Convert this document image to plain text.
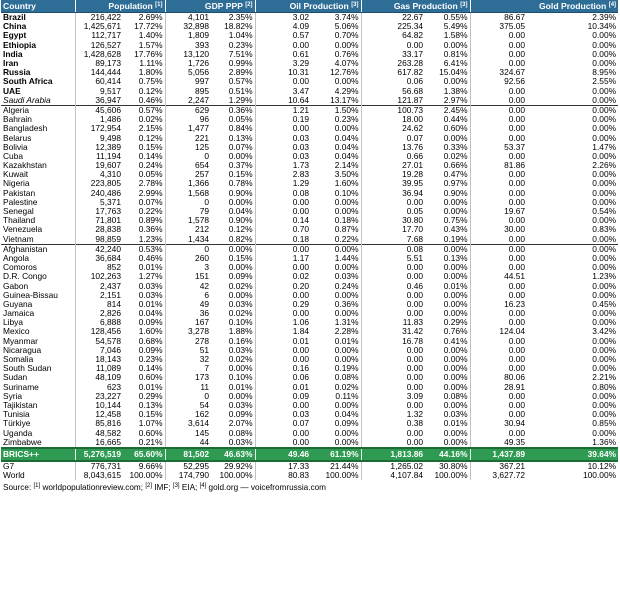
Country	Population [1]		GDP PPP [2]		Oil Production [3]		Gas Production [3]		Gold Production [4]
Brazil	216,422	2.69%	4,101	2.35%	3.02	3.74%	22.67	0.55%	86.67	2.39%
China	1,425,671	17.72%	32,898	18.82%	4.09	5.06%	225.34	5.49%	375.05	10.34%
Egypt	112,717	1.40%	1,809	1.04%	0.57	0.70%	64.82	1.58%	0.00	0.00%
Ethiopia	126,527	1.57%	393	0.23%	0.00	0.00%	0.00	0.00%	0.00	0.00%
India	1,428,628	17.76%	13,120	7.51%	0.61	0.76%	33.17	0.81%	0.00	0.00%
Iran	89,173	1.11%	1,726	0.99%	3.29	4.07%	263.28	6.41%	0.00	0.00%
Russia	144,444	1.80%	5,056	2.89%	10.31	12.76%	617.82	15.04%	324.67	8.95%
South Africa	60,414	0.75%	997	0.57%	0.00	0.00%	0.06	0.00%	92.56	2.55%
UAE	9,517	0.12%	895	0.51%	3.47	4.29%	56.68	1.38%	0.00	0.00%
Saudi Arabia	36,947	0.46%	2,247	1.29%	10.64	13.17%	121.87	2.97%	0.00	0.00%
Algeria	45,606	0.57%	629	0.36%	1.21	1.50%	100.73	2.45%	0.00	0.00%
Bahrain	1,486	0.02%	96	0.05%	0.19	0.23%	18.00	0.44%	0.00	0.00%
Bangladesh	172,954	2.15%	1,477	0.84%	0.00	0.00%	24.62	0.60%	0.00	0.00%
Belarus	9,498	0.12%	221	0.13%	0.03	0.04%	0.07	0.00%	0.00	0.00%
Bolivia	12,389	0.15%	125	0.07%	0.03	0.04%	13.76	0.33%	53.37	1.47%
Cuba	11,194	0.14%	0	0.00%	0.03	0.04%	0.66	0.02%	0.00	0.00%
Kazakhstan	19,607	0.24%	654	0.37%	1.73	2.14%	27.01	0.66%	81.86	2.26%
Kuwait	4,310	0.05%	257	0.15%	2.83	3.50%	19.28	0.47%	0.00	0.00%
Nigeria	223,805	2.78%	1,366	0.78%	1.29	1.60%	39.95	0.97%	0.00	0.00%
Pakistan	240,486	2.99%	1,568	0.90%	0.08	0.10%	36.94	0.90%	0.00	0.00%
Palestine	5,371	0.07%	0	0.00%	0.00	0.00%	0.00	0.00%	0.00	0.00%
Senegal	17,763	0.22%	79	0.04%	0.00	0.00%	0.05	0.00%	19.67	0.54%
Thailand	71,801	0.89%	1,578	0.90%	0.14	0.18%	30.80	0.75%	0.00	0.00%
Venezuela	28,838	0.36%	212	0.12%	0.70	0.87%	17.70	0.43%	30.00	0.83%
Vietnam	98,859	1.23%	1,434	0.82%	0.18	0.22%	7.68	0.19%	0.00	0.00%
Afghanistan	42,240	0.53%	0	0.00%	0.00	0.00%	0.08	0.00%	0.00	0.00%
Angola	36,684	0.46%	260	0.15%	1.17	1.44%	5.51	0.13%	0.00	0.00%
Comoros	852	0.01%	3	0.00%	0.00	0.00%	0.00	0.00%	0.00	0.00%
D.R. Congo	102,263	1.27%	151	0.09%	0.02	0.03%	0.00	0.00%	44.51	1.23%
Gabon	2,437	0.03%	42	0.02%	0.20	0.24%	0.46	0.01%	0.00	0.00%
Guinea-Bissau	2,151	0.03%	6	0.00%	0.00	0.00%	0.00	0.00%	0.00	0.00%
Guyana	814	0.01%	49	0.03%	0.29	0.36%	0.00	0.00%	16.23	0.45%
Jamaica	2,826	0.04%	36	0.02%	0.00	0.00%	0.00	0.00%	0.00	0.00%
Libya	6,888	0.09%	167	0.10%	1.06	1.31%	11.83	0.29%	0.00	0.00%
Mexico	128,456	1.60%	3,278	1.88%	1.84	2.28%	31.42	0.76%	124.04	3.42%
Myanmar	54,578	0.68%	278	0.16%	0.01	0.01%	16.78	0.41%	0.00	0.00%
Nicaragua	7,046	0.09%	51	0.03%	0.00	0.00%	0.00	0.00%	0.00	0.00%
Somalia	18,143	0.23%	32	0.02%	0.00	0.00%	0.00	0.00%	0.00	0.00%
South Sudan	11,089	0.14%	7	0.00%	0.16	0.19%	0.00	0.00%	0.00	0.00%
Sudan	48,109	0.60%	173	0.10%	0.06	0.08%	0.00	0.00%	80.06	2.21%
Suriname	623	0.01%	11	0.01%	0.01	0.02%	0.00	0.00%	28.91	0.80%
Syria	23,227	0.29%	0	0.00%	0.09	0.11%	3.09	0.08%	0.00	0.00%
Tajikistan	10,144	0.13%	54	0.03%	0.00	0.00%	0.00	0.00%	0.00	0.00%
Tunisia	12,458	0.15%	162	0.09%	0.03	0.04%	1.32	0.03%	0.00	0.00%
Türkiye	85,816	1.07%	3,614	2.07%	0.07	0.09%	0.38	0.01%	30.94	0.85%
Uganda	48,582	0.60%	145	0.08%	0.00	0.00%	0.00	0.00%	0.00	0.00%
Zimbabwe	16,665	0.21%	44	0.03%	0.00	0.00%	0.00	0.00%	49.35	1.36%
BRICS++	5,276,519	65.60%	81,502	46.63%	49.46	61.19%	1,813.86	44.16%	1,437.89	39.64%
G7	776,731	9.66%	52,295	29.92%	17.33	21.44%	1,265.02	30.80%	367.21	10.12%
World	8,043,615	100.00%	174,790	100.00%	80.83	100.00%	4,107.84	100.00%	3,627.72	100.00%
Source: [1] worldpopulationreview.com; [2] IMF; [3] EIA; [4] gold.org — voicefromrussia.com
